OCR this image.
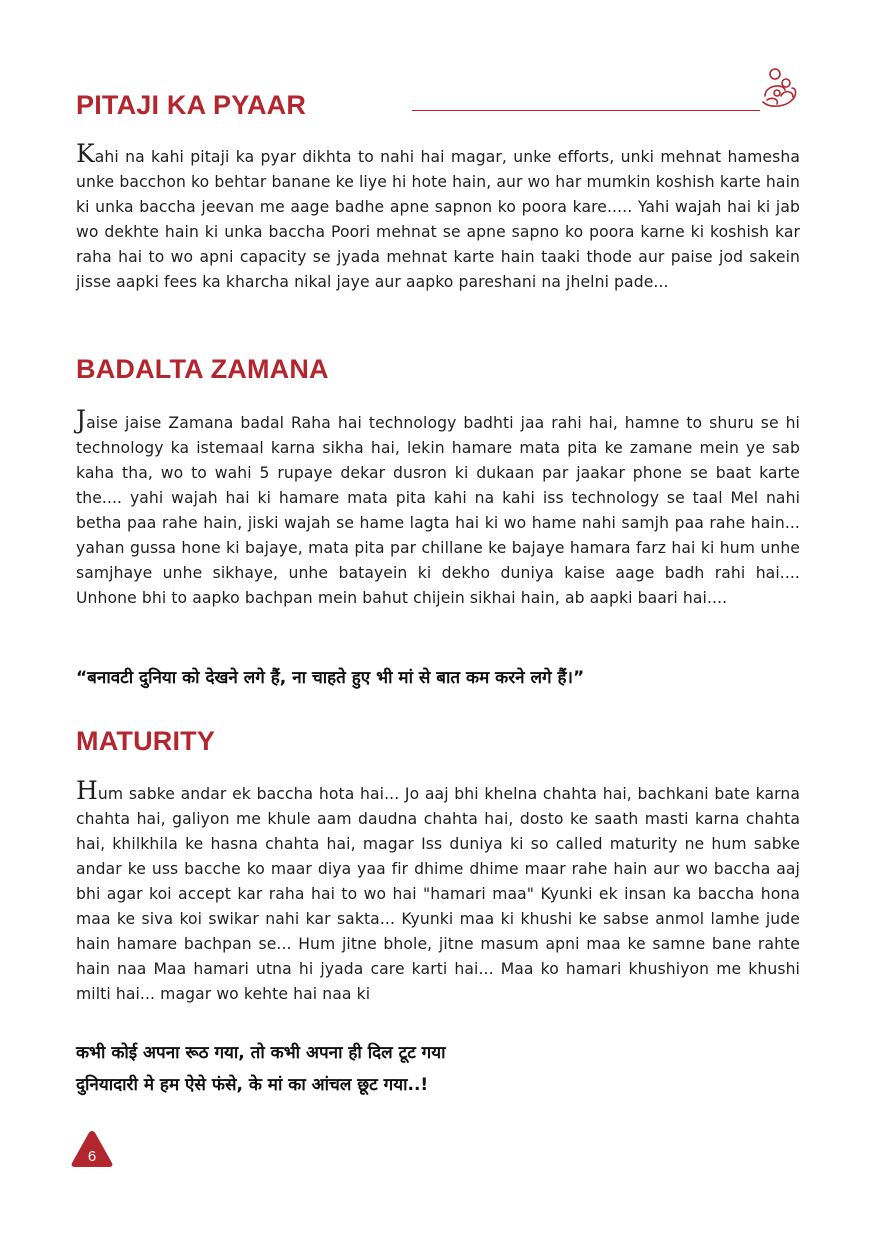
PITAJI KA PYAAR

Kahi na kahi pitaji ka pyar dikhta to nahi hai magar, unke efforts, unki mehnat hamesha unke bacchon ko behtar banane ke liye hi hote hain, aur wo har mumkin koshish karte hain ki unka baccha jeevan me aage badhe apne sapnon ko poora kare..... Yahi wajah hai ki jab wo dekhte hain ki unka baccha Poori mehnat se apne sapno ko poora karne ki koshish kar raha hai to wo apni capacity se jyada mehnat karte hain taaki thode aur paise jod sakein jisse aapki fees ka kharcha nikal jaye aur aapko pareshani na jhelni pade...

BADALTA ZAMANA

Jaise jaise Zamana badal Raha hai technology badhti jaa rahi hai, hamne to shuru se hi technology ka istemaal karna sikha hai, lekin hamare mata pita ke zamane mein ye sab kaha tha, wo to wahi 5 rupaye dekar dusron ki dukaan par jaakar phone se baat karte the.... yahi wajah hai ki hamare mata pita kahi na kahi iss technology se taal Mel nahi betha paa rahe hain, jiski wajah se hame lagta hai ki wo hame nahi samjh paa rahe hain... yahan gussa hone ki bajaye, mata pita par chillane ke bajaye hamara farz hai ki hum unhe samjhaye unhe sikhaye, unhe batayein ki dekho duniya kaise aage badh rahi hai.... Unhone bhi to aapko bachpan mein bahut chijein sikhai hain, ab aapki baari hai....

“बनावटी दुनिया को देखने लगे हैं, ना चाहते हुए भी मां से बात कम करने लगे हैं।”

MATURITY

Hum sabke andar ek baccha hota hai... Jo aaj bhi khelna chahta hai, bachkani bate karna chahta hai, galiyon me khule aam daudna chahta hai, dosto ke saath masti karna chahta hai, khilkhila ke hasna chahta hai, magar Iss duniya ki so called maturity ne hum sabke andar ke uss bacche ko maar diya yaa fir dhime dhime maar rahe hain aur wo baccha aaj bhi agar koi accept kar raha hai to wo hai "hamari maa" Kyunki ek insan ka baccha hona maa ke siva koi swikar nahi kar sakta... Kyunki maa ki khushi ke sabse anmol lamhe jude hain hamare bachpan se... Hum jitne bhole, jitne masum apni maa ke samne bane rahte hain naa Maa hamari utna hi jyada care karti hai... Maa ko hamari khushiyon me khushi milti hai... magar wo kehte hai naa ki

कभी कोई अपना रूठ गया, तो कभी अपना ही दिल टूट गया

दुनियादारी मे हम ऐसे फंसे, के मां का आंचल छूट गया..!

6
